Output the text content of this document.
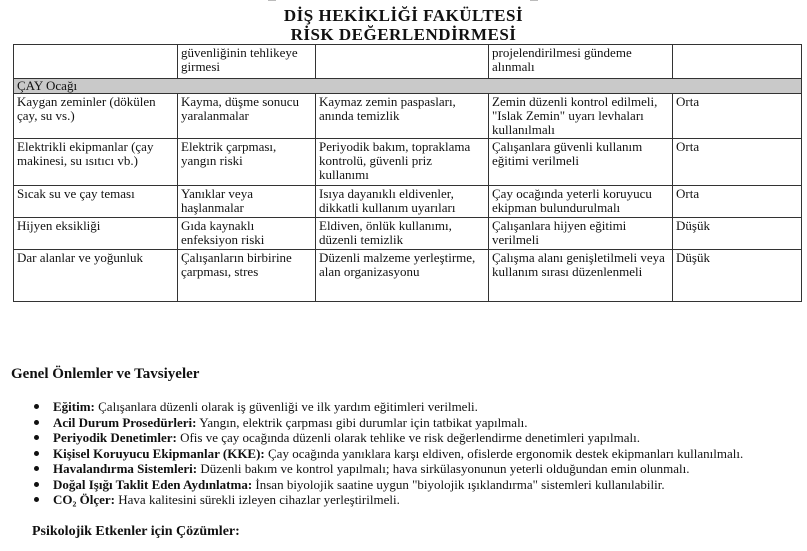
DİŞ HEKİKLİĞİ FAKÜLTESİ
RİSK DEĞERLENDİRMESİ
	güvenliğinin tehlikeye girmesi		projelendirilmesi gündeme alınmalı	
ÇAY Ocağı				
Kaygan zeminler (dökülen çay, su vs.)	Kayma, düşme sonucu yaralanmalar	Kaymaz zemin paspasları, anında temizlik	Zemin düzenli kontrol edilmeli, "Islak Zemin" uyarı levhaları kullanılmalı	Orta
Elektrikli ekipmanlar (çay makinesi, su ısıtıcı vb.)	Elektrik çarpması, yangın riski	Periyodik bakım, topraklama kontrolü, güvenli priz kullanımı	Çalışanlara güvenli kullanım eğitimi verilmeli	Orta
Sıcak su ve çay teması	Yanıklar veya haşlanmalar	Isıya dayanıklı eldivenler, dikkatli kullanım uyarıları	Çay ocağında yeterli koruyucu ekipman bulundurulmalı	Orta
Hijyen eksikliği	Gıda kaynaklı enfeksiyon riski	Eldiven, önlük kullanımı, düzenli temizlik	Çalışanlara hijyen eğitimi verilmeli	Düşük
Dar alanlar ve yoğunluk	Çalışanların birbirine çarpması, stres	Düzenli malzeme yerleştirme, alan organizasyonu	Çalışma alanı genişletilmeli veya kullanım sırası düzenlenmeli	Düşük
Genel Önlemler ve Tavsiyeler
Eğitim: Çalışanlara düzenli olarak iş güvenliği ve ilk yardım eğitimleri verilmeli.
Acil Durum Prosedürleri: Yangın, elektrik çarpması gibi durumlar için tatbikat yapılmalı.
Periyodik Denetimler: Ofis ve çay ocağında düzenli olarak tehlike ve risk değerlendirme denetimleri yapılmalı.
Kişisel Koruyucu Ekipmanlar (KKE): Çay ocağında yanıklara karşı eldiven, ofislerde ergonomik destek ekipmanları kullanılmalı.
Havalandırma Sistemleri: Düzenli bakım ve kontrol yapılmalı; hava sirkülasyonunun yeterli olduğundan emin olunmalı.
Doğal Işığı Taklit Eden Aydınlatma: İnsan biyolojik saatine uygun "biyolojik ışıklandırma" sistemleri kullanılabilir.
CO₂ Ölçer: Hava kalitesini sürekli izleyen cihazlar yerleştirilmeli.
Psikolojik Etkenler için Çözümler:
